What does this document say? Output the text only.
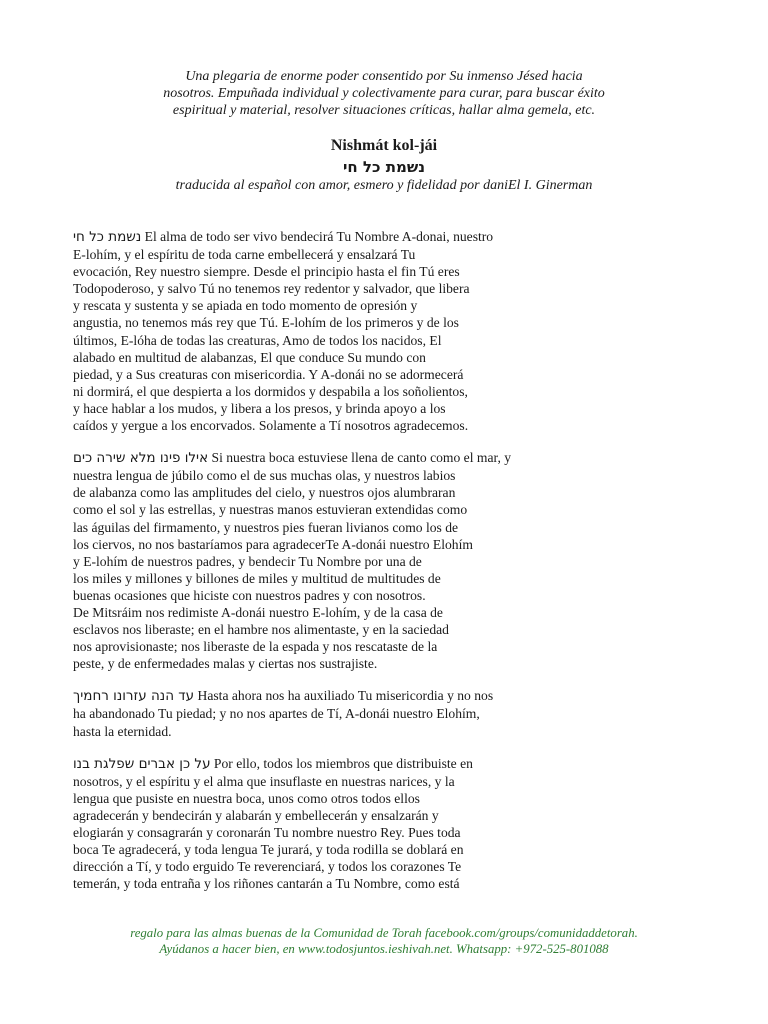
Una plegaria de enorme poder consentido por Su inmenso Jésed hacia
nosotros. Empuñada individual y colectivamente para curar, para buscar éxito
espiritual y material, resolver situaciones críticas, hallar alma gemela, etc.
Nishmát kol-jái
נשמת כל חי
traducida al español con amor, esmero y fidelidad por daniEl I. Ginerman
נשמת כל חי El alma de todo ser vivo bendecirá Tu Nombre A-donai, nuestro
E-lohím, y el espíritu de toda carne embellecerá y ensalzará Tu
evocación, Rey nuestro siempre. Desde el principio hasta el fin Tú eres
Todopoderoso, y salvo Tú no tenemos rey redentor y salvador, que libera
y rescata y sustenta y se apiada en todo momento de opresión y
angustia, no tenemos más rey que Tú. E-lohím de los primeros y de los
últimos, E-lóha de todas las creaturas, Amo de todos los nacidos, El
alabado en multitud de alabanzas, El que conduce Su mundo con
piedad, y a Sus creaturas con misericordia. Y A-donái no se adormecerá
ni dormirá, el que despierta a los dormidos y despabila a los soñolientos,
y hace hablar a los mudos, y libera a los presos, y brinda apoyo a los
caídos y yergue a los encorvados. Solamente a Tí nosotros agradecemos.
אילו פינו מלא שירה כים Si nuestra boca estuviese llena de canto como el mar, y
nuestra lengua de júbilo como el de sus muchas olas, y nuestros labios
de alabanza como las amplitudes del cielo, y nuestros ojos alumbraran
como el sol y las estrellas, y nuestras manos estuvieran extendidas como
las águilas del firmamento, y nuestros pies fueran livianos como los de
los ciervos, no nos bastaríamos para agradecerTe A-donái nuestro Elohím
y E-lohím de nuestros padres, y bendecir Tu Nombre por una de
los miles y millones y billones de miles y multitud de multitudes de
buenas ocasiones que hiciste con nuestros padres y con nosotros.
De Mitsráim nos redimiste A-donái nuestro E-lohím, y de la casa de
esclavos nos liberaste; en el hambre nos alimentaste, y en la saciedad
nos aprovisionaste; nos liberaste de la espada y nos rescataste de la
peste, y de enfermedades malas y ciertas nos sustrajiste.
עד הנה עזרונו רחמיך Hasta ahora nos ha auxiliado Tu misericordia y no nos
ha abandonado Tu piedad; y no nos apartes de Tí, A-donái nuestro Elohím,
hasta la eternidad.
על כן אברים שפלגת בנו Por ello, todos los miembros que distribuiste en
nosotros, y el espíritu y el alma que insuflaste en nuestras narices, y la
lengua que pusiste en nuestra boca, unos como otros todos ellos
agradecerán y bendecirán y alabarán y embellecerán y ensalzarán y
elogiarán y consagrarán y coronarán Tu nombre nuestro Rey. Pues toda
boca Te agradecerá, y toda lengua Te jurará, y toda rodilla se doblará en
dirección a Tí, y todo erguido Te reverenciará, y todos los corazones Te
temerán, y toda entraña y los riñones cantarán a Tu Nombre, como está
regalo para las almas buenas de la Comunidad de Torah facebook.com/groups/comunidaddetorah.
Ayúdanos a hacer bien, en www.todosjuntos.ieshivah.net. Whatsapp: +972-525-801088
